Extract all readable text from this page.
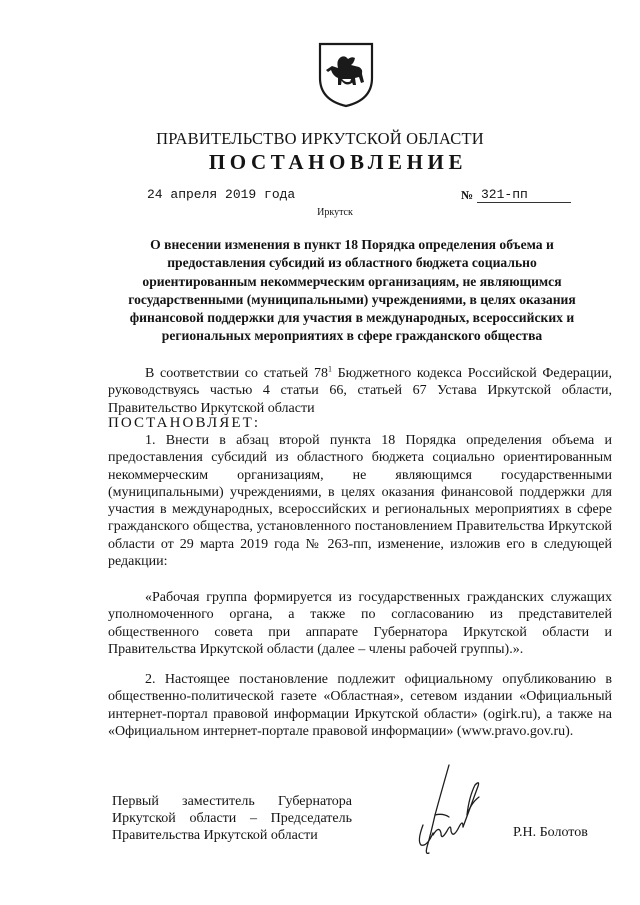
ПРАВИТЕЛЬСТВО ИРКУТСКОЙ ОБЛАСТИ
ПОСТАНОВЛЕНИЕ
24 апреля 2019 года	№ 321-пп
Иркутск
О внесении изменения в пункт 18 Порядка определения объема и предоставления субсидий из областного бюджета социально ориентированным некоммерческим организациям, не являющимся государственными (муниципальными) учреждениями, в целях оказания финансовой поддержки для участия в международных, всероссийских и региональных мероприятиях в сфере гражданского общества
В соответствии со статьей $78^1$ Бюджетного кодекса Российской Федерации, руководствуясь частью 4 статьи 66, статьей 67 Устава Иркутской области, Правительство Иркутской области
ПОСТАНОВЛЯЕТ:
1. Внести в абзац второй пункта 18 Порядка определения объема и предоставления субсидий из областного бюджета социально ориентированным некоммерческим организациям, не являющимся государственными (муниципальными) учреждениями, в целях оказания финансовой поддержки для участия в международных, всероссийских и региональных мероприятиях в сфере гражданского общества, установленного постановлением Правительства Иркутской области от 29 марта 2019 года № 263-пп, изменение, изложив его в следующей редакции:
«Рабочая группа формируется из государственных гражданских служащих уполномоченного органа, а также по согласованию из представителей общественного совета при аппарате Губернатора Иркутской области и Правительства Иркутской области (далее – члены рабочей группы).».
2. Настоящее постановление подлежит официальному опубликованию в общественно-политической газете «Областная», сетевом издании «Официальный интернет-портал правовой информации Иркутской области» (ogirk.ru), а также на «Официальном интернет-портале правовой информации» (www.pravo.gov.ru).
Первый заместитель Губернатора
Иркутской области – Председатель
Правительства Иркутской области	Р.Н. Болотов
